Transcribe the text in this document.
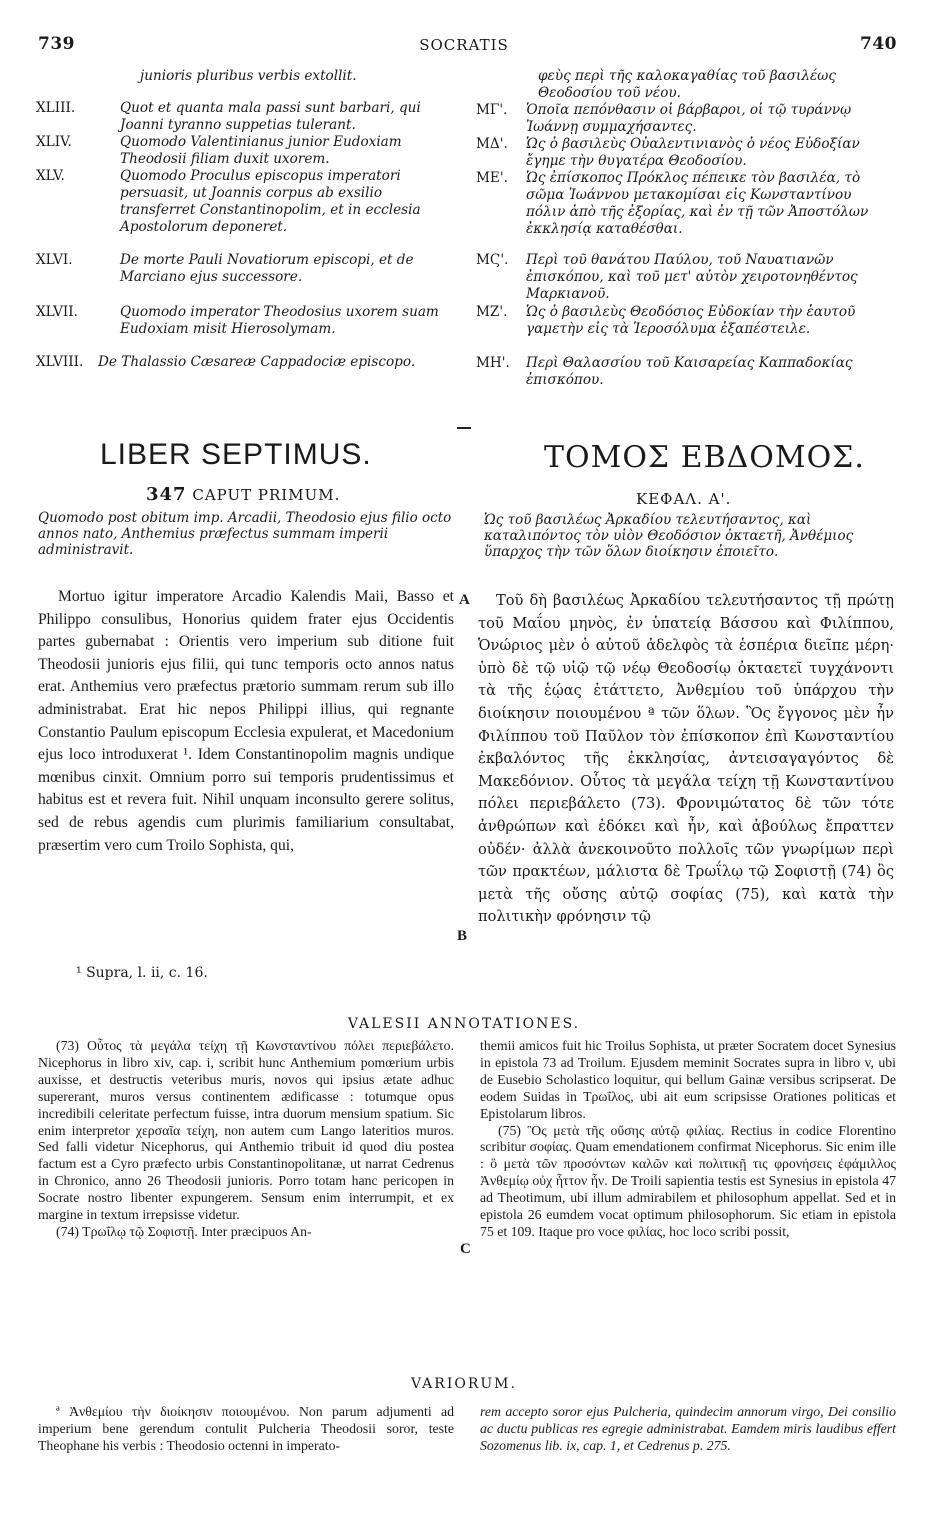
739	SOCRATIS	740
junioris pluribus verbis extollit.
XLIII.	Quot et quanta mala passi sunt barbari, qui Joanni tyranno suppetias tulerant.
XLIV.	Quomodo Valentinianus junior Eudoxiam Theodosii filiam duxit uxorem.
XLV.	Quomodo Proculus episcopus imperatori persuasit, ut Joannis corpus ab exsilio transferret Constantinopolim, et in ecclesia Apostolorum deponeret.
XLVI.	De morte Pauli Novatiorum episcopi, et de Marciano ejus successore.
XLVII.	Quomodo imperator Theodosius uxorem suam Eudoxiam misit Hierosolymam.
XLVIII. De Thalassio Cæsareæ Cappadociæ episcopo.
φεὺς περὶ τῆς καλοκαγαθίας τοῦ βασιλέως Θεοδοσίου τοῦ νέου.
ΜΓ'. Ὁποῖα πεπόνθασιν οἱ βάρβαροι, οἱ τῷ τυράννῳ Ἰωάννῃ συμμαχήσαντες.
ΜΔ'. Ὡς ὁ βασιλεὺς Οὐαλεντινιανὸς ὁ νέος Εὐδοξίαν ἔγημε τὴν θυγατέρα Θεοδοσίου.
ΜΕ'. Ὡς ἐπίσκοπος Πρόκλος πέπεικε τὸν βασιλέα, τὸ σῶμα Ἰωάννου μετακομίσαι εἰς Κωνσταντίνου πόλιν ἀπὸ τῆς ἐξορίας, καὶ ἐν τῇ τῶν Ἀποστόλων ἐκκλησίᾳ καταθέσθαι.
ΜϚ'. Περὶ τοῦ θανάτου Παύλου, τοῦ Ναυατιανῶν ἐπισκόπου, καὶ τοῦ μετ' αὐτὸν χειροτονηθέντος Μαρκιανοῦ.
ΜΖ'. Ὡς ὁ βασιλεὺς Θεοδόσιος Εὐδοκίαν τὴν ἑαυτοῦ γαμετὴν εἰς τὰ Ἱεροσόλυμα ἐξαπέστειλε.
ΜΗ'. Περὶ Θαλασσίου τοῦ Καισαρείας Καππαδοκίας ἐπισκόπου.
LIBER SEPTIMUS.	ΤΟΜΟΣ ΕΒΔΟΜΟΣ.
347 CAPUT PRIMUM.	ΚΕΦΑΛ. Α'.
Quomodo post obitum imp. Arcadii, Theodosio ejus filio octo annos nato, Anthemius præfectus summam imperii administravit.
Ὡς τοῦ βασιλέως Ἀρκαδίου τελευτήσαντος, καὶ καταλιπόντος τὸν υἱὸν Θεοδόσιον ὀκταετῆ, Ἀνθέμιος ὕπαρχος τὴν τῶν ὅλων διοίκησιν ἐποιεῖτο.
Mortuo igitur imperatore Arcadio Kalendis Maii, Basso et Philippo consulibus, Honorius quidem frater ejus Occidentis partes gubernabat : Orientis vero imperium sub ditione fuit Theodosii junioris ejus filii, qui tunc temporis octo annos natus erat. Anthemius vero præfectus prætorio summam rerum sub illo administrabat. Erat hic nepos Philippi illius, qui regnante Constantio Paulum episcopum Ecclesia expulerat, et Macedonium ejus loco introduxerat ¹. Idem Constantinopolim magnis undique mœnibus cinxit. Omnium porro sui temporis prudentissimus et habitus est et revera fuit. Nihil unquam inconsulto gerere solitus, sed de rebus agendis cum plurimis familiarium consultabat, præsertim vero cum Troilo Sophista, qui,
Τοῦ δὴ βασιλέως Ἀρκαδίου τελευτήσαντος τῇ πρώτῃ τοῦ Μαΐου μηνὸς, ἐν ὑπατείᾳ Βάσσου καὶ Φιλίππου, Ὁνώριος μὲν ὁ αὐτοῦ ἀδελφὸς τὰ ἑσπέρια διεῖπε μέρη· ὑπὸ δὲ τῷ υἱῷ τῷ νέῳ Θεοδοσίῳ ὀκταετεῖ τυγχάνοντι τὰ τῆς ἑῴας ἐτάττετο, Ἀνθεμίου τοῦ ὑπάρχου τὴν διοίκησιν ποιουμένου ª τῶν ὅλων. Ὃς ἔγγονος μὲν ἦν Φιλίππου τοῦ Παῦλον τὸν ἐπίσκοπον ἐπὶ Κωνσταντίου ἐκβαλόντος τῆς ἐκκλησίας, ἀντεισαγαγόντος δὲ Μακεδόνιον. Οὗτος τὰ μεγάλα τείχη τῇ Κωνσταντίνου πόλει περιεβάλετο (73). Φρονιμώτατος δὲ τῶν τότε ἀνθρώπων καὶ ἐδόκει καὶ ἦν, καὶ ἀβούλως ἔπραττεν οὐδέν· ἀλλὰ ἀνεκοινοῦτο πολλοῖς τῶν γνωρίμων περὶ τῶν πρακτέων, μάλιστα δὲ Τρωΐλῳ τῷ Σοφιστῇ (74) ὃς μετὰ τῆς οὔσης αὐτῷ σοφίας (75), καὶ κατὰ τὴν πολιτικὴν φρόνησιν τῷ
A
B
C
¹ Supra, l. ii, c. 16.
VALESII ANNOTATIONES.

(73) Οὗτος τὰ μεγάλα τείχη τῇ Κωνσταντίνου πόλει περιεβάλετο. Nicephorus in libro xiv, cap. i, scribit hunc Anthemium pomœrium urbis auxisse, et destructis veteribus muris, novos qui ipsius ætate adhuc supererant, muros versus continentem ædificasse : totumque opus incredibili celeritate perfectum fuisse, intra duorum mensium spatium. Sic enim interpretor χερσαῖα τείχη, non autem cum Lango lateritios muros. Sed falli videtur Nicephorus, qui Anthemio tribuit id quod diu postea factum est a Cyro præfecto urbis Constantinopolitanæ, ut narrat Cedrenus in Chronico, anno 26 Theodosii junioris. Porro totam hanc pericopen in Socrate nostro libenter expungerem. Sensum enim interrumpit, et ex margine in textum irrepsisse videtur.

(74) Τρωΐλῳ τῷ Σοφιστῇ. Inter præcipuos An-

themii amicos fuit hic Troilus Sophista, ut præter Socratem docet Synesius in epistola 73 ad Troilum. Ejusdem meminit Socrates supra in libro v, ubi de Eusebio Scholastico loquitur, qui bellum Gainæ versibus scripserat. De eodem Suidas in Τρωΐλος, ubi ait eum scripsisse Orationes politicas et Epistolarum libros.

(75) Ὃς μετὰ τῆς οὔσης αὐτῷ φιλίας. Rectius in codice Florentino scribitur σοφίας. Quam emendationem confirmat Nicephorus. Sic enim ille : ὃ μετὰ τῶν προσόντων καλῶν καὶ πολιτικῇ τις φρονήσεις ἐφάμιλλος Ἀνθεμίῳ οὐχ ἧττον ἦν. De Troili sapientia testis est Synesius in epistola 47 ad Theotimum, ubi illum admirabilem et philosophum appellat. Sed et in epistola 26 eumdem vocat optimum philosophorum. Sic etiam in epistola 75 et 109. Itaque pro voce φιλίας, hoc loco scribi possit,

VARIORUM.
ª Ἀνθεμίου τὴν διοίκησιν ποιουμένου. Non parum adjumenti ad imperium bene gerendum contulit Pulcheria Theodosii soror, teste Theophane his verbis : Theodosio octenni in imperato-
rem accepto soror ejus Pulcheria, quindecim annorum virgo, Dei consilio ac ductu publicas res egregie administrabat. Eamdem miris laudibus effert Sozomenus lib. ix, cap. 1, et Cedrenus p. 275.
